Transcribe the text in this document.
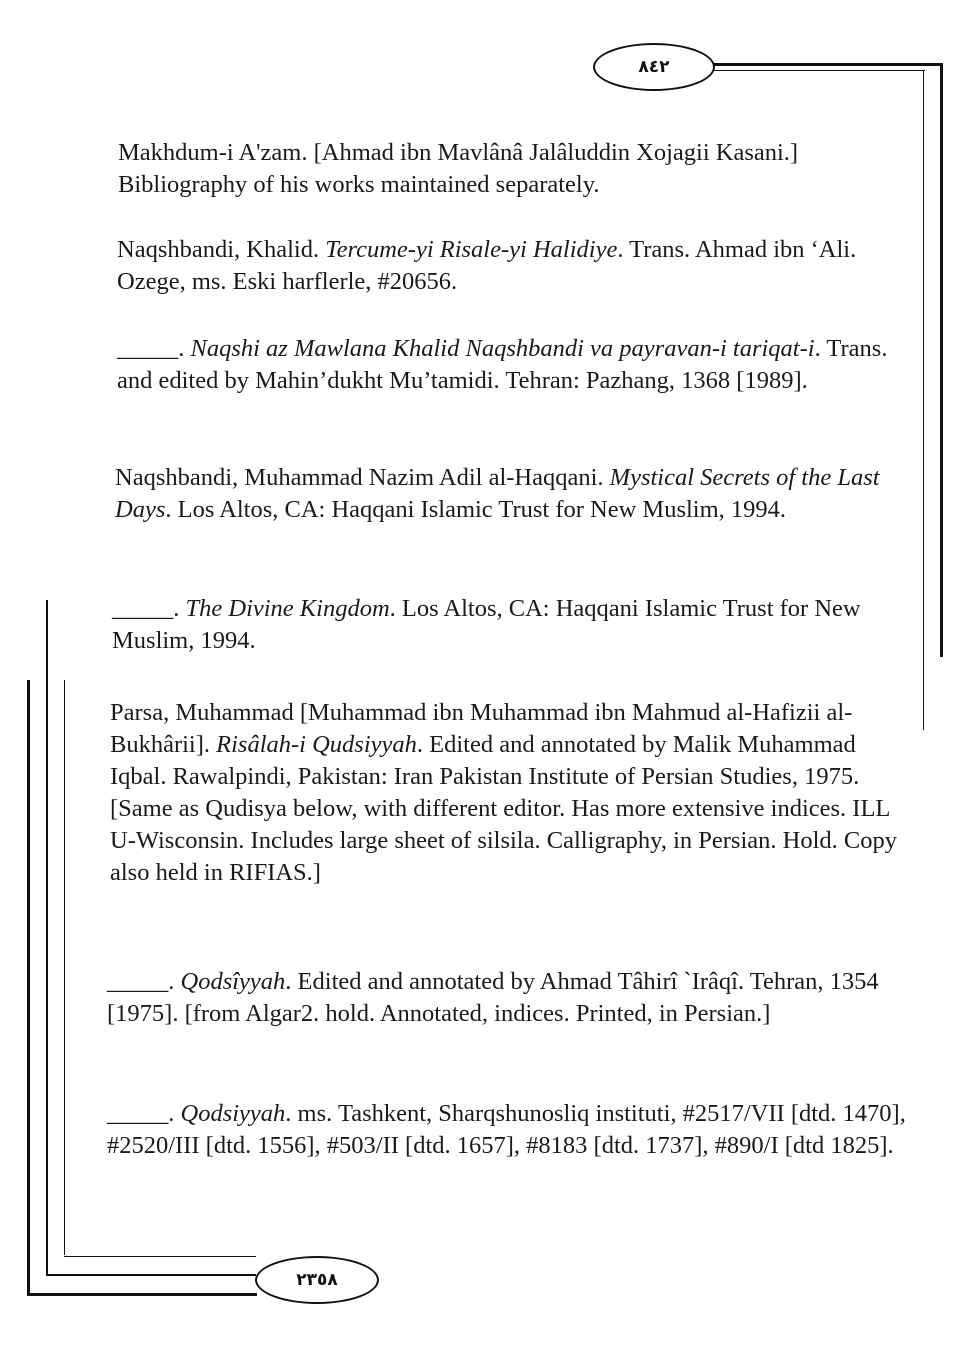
٨٤٢
٢٣٥٨

Makhdum-i A'zam. [Ahmad ibn Mavlânâ Jalâluddin Xojagii Kasani.] Bibliography of his works maintained separately.

Naqshbandi, Khalid. Tercume-yi Risale-yi Halidiye. Trans. Ahmad ibn ‘Ali. Ozege, ms. Eski harflerle, #20656.

_____. Naqshi az Mawlana Khalid Naqshbandi va payravan-i tariqat-i. Trans. and edited by Mahin’dukht Mu’tamidi. Tehran: Pazhang, 1368 [1989].

Naqshbandi, Muhammad Nazim Adil al-Haqqani. Mystical Secrets of the Last Days. Los Altos, CA: Haqqani Islamic Trust for New Muslim, 1994.

_____. The Divine Kingdom. Los Altos, CA: Haqqani Islamic Trust for New Muslim, 1994.

Parsa, Muhammad [Muhammad ibn Muhammad ibn Mahmud al-Hafizii al-Bukhârii]. Risâlah-i Qudsiyyah. Edited and annotated by Malik Muhammad Iqbal. Rawalpindi, Pakistan: Iran Pakistan Institute of Persian Studies, 1975. [Same as Qudisya below, with different editor. Has more extensive indices. ILL U-Wisconsin. Includes large sheet of silsila. Calligraphy, in Persian. Hold. Copy also held in RIFIAS.]

_____. Qodsîyyah. Edited and annotated by Ahmad Tâhirî `Irâqî. Tehran, 1354 [1975]. [from Algar2. hold. Annotated, indices. Printed, in Persian.]

_____. Qodsiyyah. ms. Tashkent, Sharqshunosliq instituti, #2517/VII [dtd. 1470], #2520/III [dtd. 1556], #503/II [dtd. 1657], #8183 [dtd. 1737], #890/I [dtd 1825].
